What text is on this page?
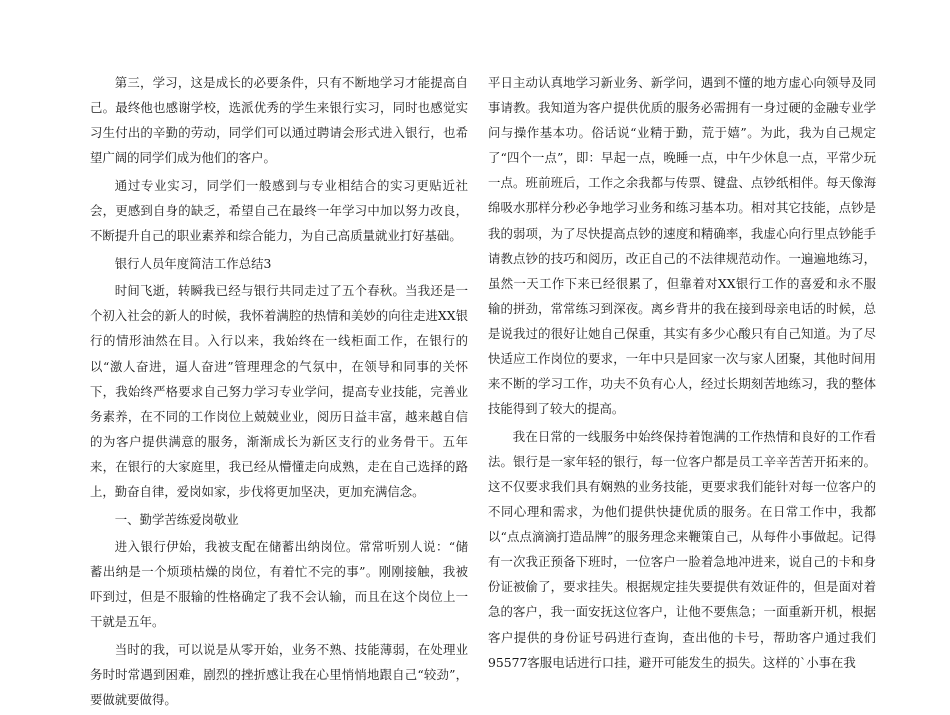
第三，学习，这是成长的必要条件，只有不断地学习才能提高自己。最终他也感谢学校，选派优秀的学生来银行实习，同时也感觉实习生付出的辛勤的劳动，同学们可以通过聘请会形式进入银行，也希望广阔的同学们成为他们的客户。

通过专业实习，同学们一般感到与专业相结合的实习更贴近社会，更感到自身的缺乏，希望自己在最终一年学习中加以努力改良，不断提升自己的职业素养和综合能力，为自己高质量就业打好基础。

银行人员年度简洁工作总结3

时间飞逝，转瞬我已经与银行共同走过了五个春秋。当我还是一个初入社会的新人的时候，我怀着满腔的热情和美妙的向往走进XX银行的情形油然在目。入行以来，我始终在一线柜面工作，在银行的以“激人奋进，逼人奋进”管理理念的气氛中，在领导和同事的关怀下，我始终严格要求自己努力学习专业学问，提高专业技能，完善业务素养，在不同的工作岗位上兢兢业业，阅历日益丰富，越来越自信的为客户提供满意的服务，渐渐成长为新区支行的业务骨干。五年来，在银行的大家庭里，我已经从懵懂走向成熟，走在自己选择的路上，勤奋自律，爱岗如家，步伐将更加坚决，更加充满信念。

一、勤学苦练爱岗敬业

进入银行伊始，我被支配在储蓄出纳岗位。常常听别人说：“储蓄出纳是一个烦琐枯燥的岗位，有着忙不完的事”。刚刚接触，我被吓到过，但是不服输的性格确定了我不会认输，而且在这个岗位上一干就是五年。

当时的我，可以说是从零开始，业务不熟、技能薄弱，在处理业务时时常遇到困难，剧烈的挫折感让我在心里悄悄地跟自己“较劲”，要做就要做得。

平日主动认真地学习新业务、新学问，遇到不懂的地方虚心向领导及同事请教。我知道为客户提供优质的服务必需拥有一身过硬的金融专业学问与操作基本功。俗话说“业精于勤，荒于嬉”。为此，我为自己规定了“四个一点”，即：早起一点，晚睡一点，中午少休息一点，平常少玩一点。班前班后，工作之余我都与传票、键盘、点钞纸相伴。每天像海绵吸水那样分秒必争地学习业务和练习基本功。相对其它技能，点钞是我的弱项，为了尽快提高点钞的速度和精确率，我虚心向行里点钞能手请教点钞的技巧和阅历，改正自己的不法律规范动作。一遍遍地练习，虽然一天工作下来已经很累了，但靠着对XX银行工作的喜爱和永不服输的拼劲，常常练习到深夜。离乡背井的我在接到母亲电话的时候，总是说我过的很好让她自己保重，其实有多少心酸只有自己知道。为了尽快适应工作岗位的要求，一年中只是回家一次与家人团聚，其他时间用来不断的学习工作，功夫不负有心人，经过长期刻苦地练习，我的整体技能得到了较大的提高。

我在日常的一线服务中始终保持着饱满的工作热情和良好的工作看法。银行是一家年轻的银行，每一位客户都是员工辛辛苦苦开拓来的。这不仅要求我们具有娴熟的业务技能，更要求我们能针对每一位客户的不同心理和需求，为他们提供快捷优质的服务。在日常工作中，我都以“点点滴滴打造品牌”的服务理念来鞭策自己，从每件小事做起。记得有一次我正预备下班时，一位客户一脸着急地冲进来，说自己的卡和身份证被偷了，要求挂失。根据规定挂失要提供有效证件的，但是面对着急的客户，我一面安抚这位客户，让他不要焦急；一面重新开机，根据客户提供的身份证号码进行查询，查出他的卡号，帮助客户通过我们95577客服电话进行口挂，避开可能发生的损失。这样的`小事在我
